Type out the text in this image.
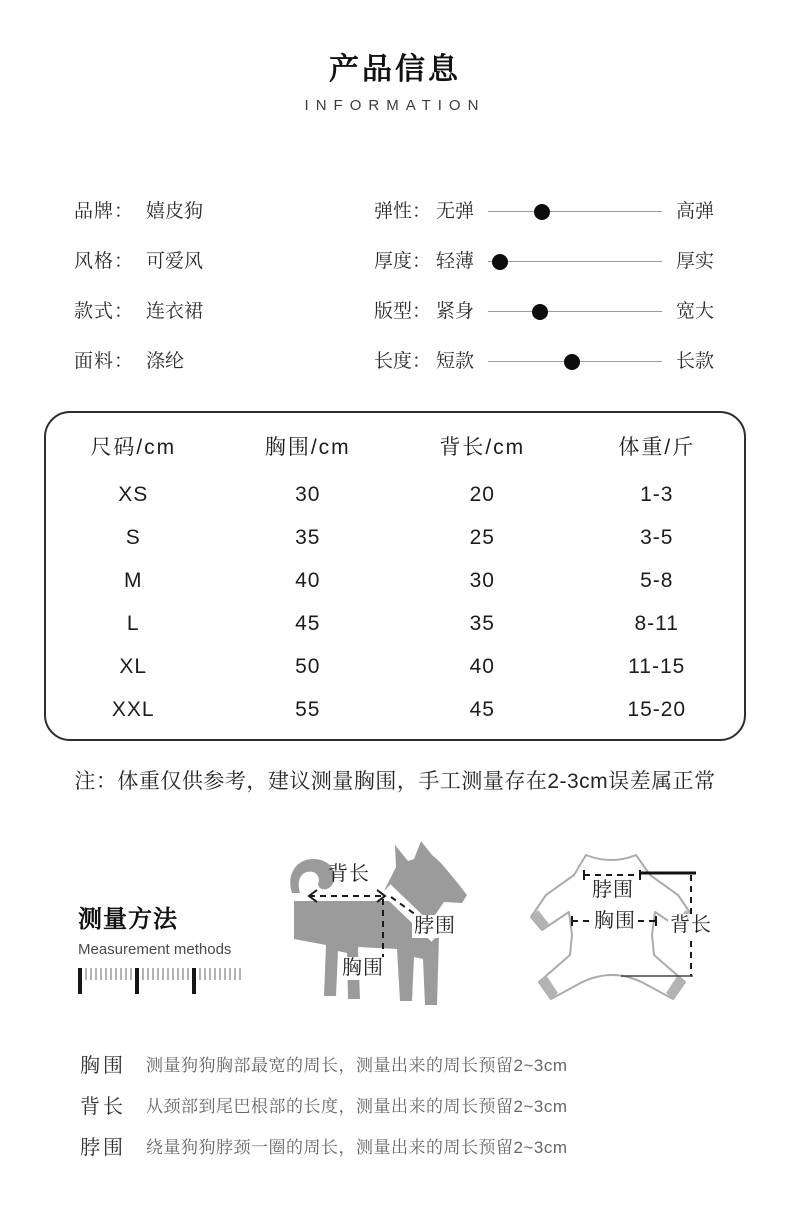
产品信息
INFORMATION
品牌： 嬉皮狗
风格： 可爱风
款式： 连衣裙
面料： 涤纶
弹性： 无弹	高弹
厚度： 轻薄	厚实
版型： 紧身	宽大
长度： 短款	长款
尺码/cm	胸围/cm	背长/cm	体重/斤
XS	30	20	1-3
S	35	25	3-5
M	40	30	5-8
L	45	35	8-11
XL	50	40	11-15
XXL	55	45	15-20
注：体重仅供参考，建议测量胸围，手工测量存在2-3cm误差属正常
测量方法
Measurement methods
背长
脖围
胸围
脖围
胸围 背长
胸围	测量狗狗胸部最宽的周长，测量出来的周长预留2~3cm
背长	从颈部到尾巴根部的长度，测量出来的周长预留2~3cm
脖围	绕量狗狗脖颈一圈的周长，测量出来的周长预留2~3cm
